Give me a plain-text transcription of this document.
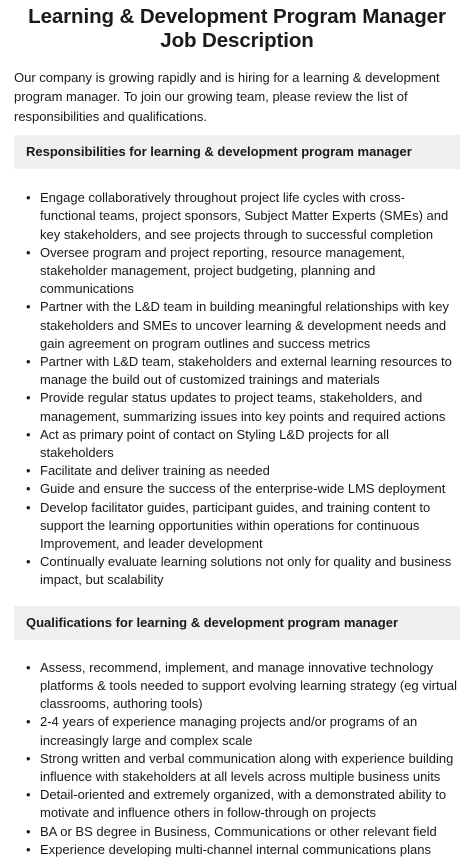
Learning & Development Program Manager
Job Description

Our company is growing rapidly and is hiring for a learning & development program manager. To join our growing team, please review the list of responsibilities and qualifications.

Responsibilities for learning & development program manager
• Engage collaboratively throughout project life cycles with cross-functional teams, project sponsors, Subject Matter Experts (SMEs) and key stakeholders, and see projects through to successful completion
• Oversee program and project reporting, resource management, stakeholder management, project budgeting, planning and communications
• Partner with the L&D team in building meaningful relationships with key stakeholders and SMEs to uncover learning & development needs and gain agreement on program outlines and success metrics
• Partner with L&D team, stakeholders and external learning resources to manage the build out of customized trainings and materials
• Provide regular status updates to project teams, stakeholders, and management, summarizing issues into key points and required actions
• Act as primary point of contact on Styling L&D projects for all stakeholders
• Facilitate and deliver training as needed
• Guide and ensure the success of the enterprise-wide LMS deployment
• Develop facilitator guides, participant guides, and training content to support the learning opportunities within operations for continuous Improvement, and leader development
• Continually evaluate learning solutions not only for quality and business impact, but scalability
Qualifications for learning & development program manager
• Assess, recommend, implement, and manage innovative technology platforms & tools needed to support evolving learning strategy (eg virtual classrooms, authoring tools)
• 2-4 years of experience managing projects and/or programs of an increasingly large and complex scale
• Strong written and verbal communication along with experience building influence with stakeholders at all levels across multiple business units
• Detail-oriented and extremely organized, with a demonstrated ability to motivate and influence others in follow-through on projects
• BA or BS degree in Business, Communications or other relevant field
• Experience developing multi-channel internal communications plans
